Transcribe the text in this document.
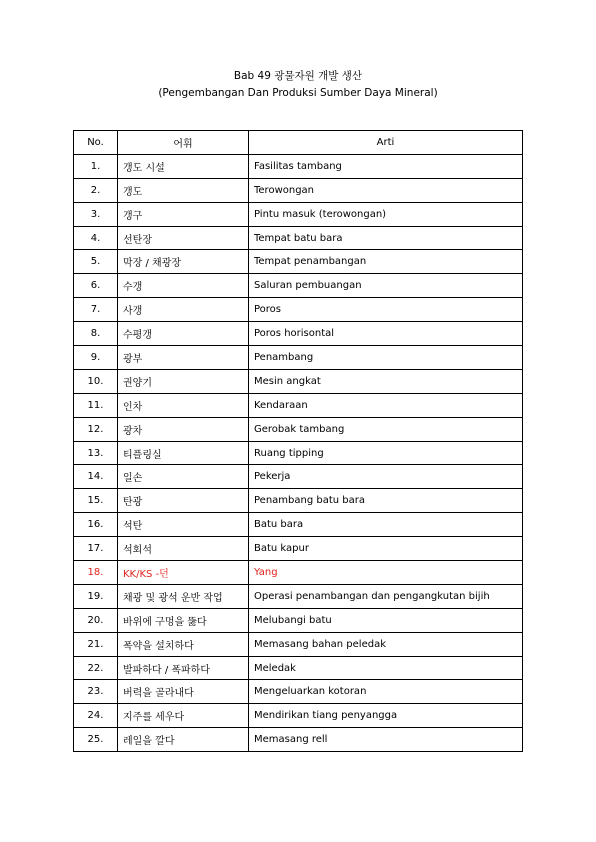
Bab 49 광물자원 개발 생산
(Pengembangan Dan Produksi Sumber Daya Mineral)
No.	어휘	Arti
1.	갱도 시설	Fasilitas tambang
2.	갱도	Terowongan
3.	갱구	Pintu masuk (terowongan)
4.	선탄장	Tempat batu bara
5.	막장 / 채광장	Tempat penambangan
6.	수갱	Saluran pembuangan
7.	사갱	Poros
8.	수평갱	Poros horisontal
9.	광부	Penambang
10.	권양기	Mesin angkat
11.	인차	Kendaraan
12.	광차	Gerobak tambang
13.	티플링실	Ruang tipping
14.	일손	Pekerja
15.	탄광	Penambang batu bara
16.	석탄	Batu bara
17.	석회석	Batu kapur
18.	KK/KS -던	Yang
19.	채광 및 광석 운반 작업	Operasi penambangan dan pengangkutan bijih
20.	바위에 구멍을 뚫다	Melubangi batu
21.	폭약을 설치하다	Memasang bahan peledak
22.	발파하다 / 폭파하다	Meledak
23.	버력을 골라내다	Mengeluarkan kotoran
24.	지주를 세우다	Mendirikan tiang penyangga
25.	레일을 깔다	Memasang rell
